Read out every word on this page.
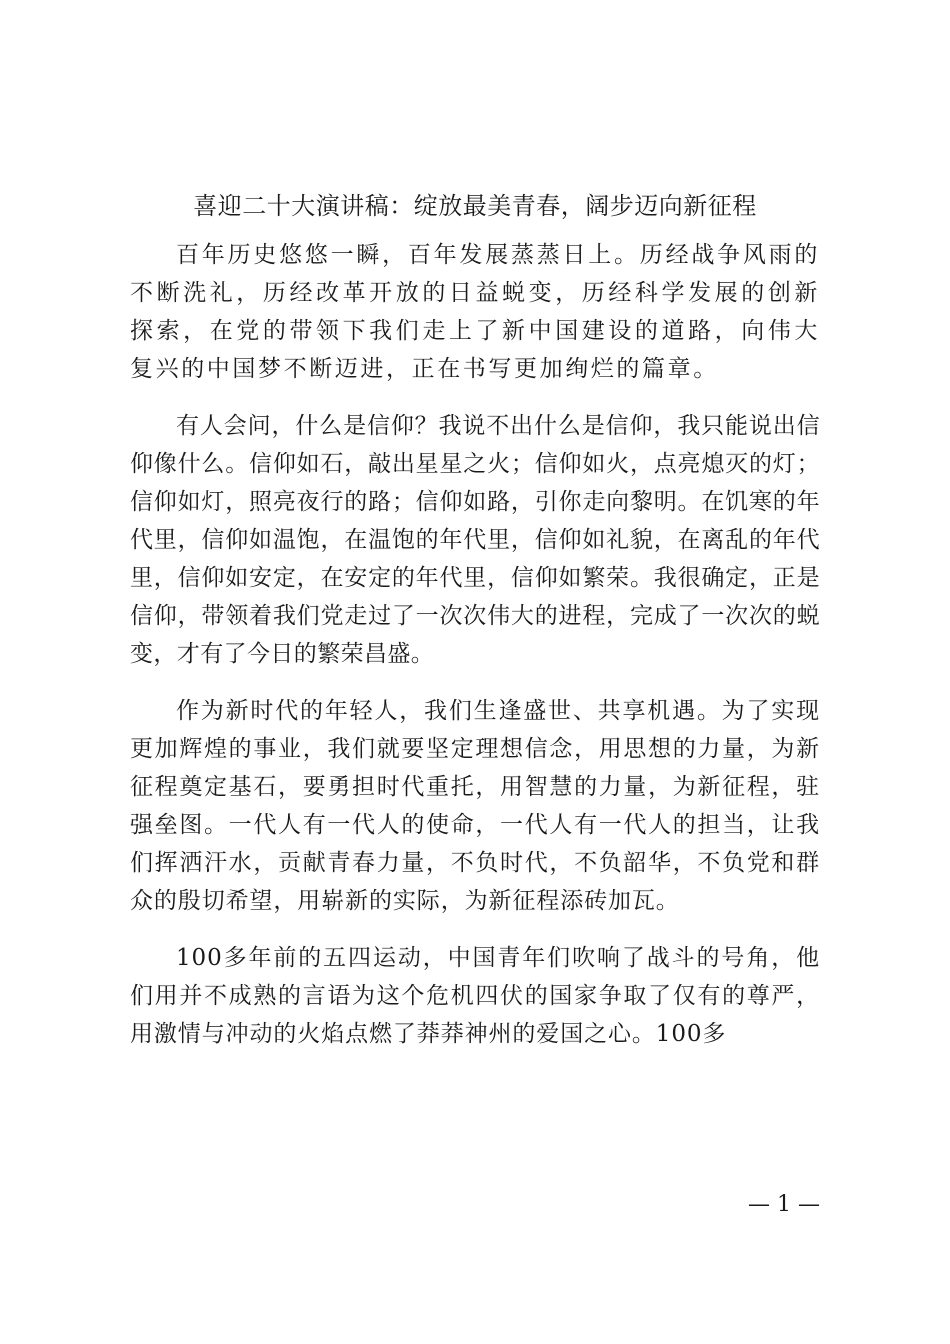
喜迎二十大演讲稿：绽放最美青春，阔步迈向新征程

百年历史悠悠一瞬，百年发展蒸蒸日上。历经战争风雨的不断洗礼，历经改革开放的日益蜕变，历经科学发展的创新探索，在党的带领下我们走上了新中国建设的道路，向伟大复兴的中国梦不断迈进，正在书写更加绚烂的篇章。

有人会问，什么是信仰？我说不出什么是信仰，我只能说出信仰像什么。信仰如石，敲出星星之火；信仰如火，点亮熄灭的灯；信仰如灯，照亮夜行的路；信仰如路，引你走向黎明。在饥寒的年代里，信仰如温饱，在温饱的年代里，信仰如礼貌，在离乱的年代里，信仰如安定，在安定的年代里，信仰如繁荣。我很确定，正是信仰，带领着我们党走过了一次次伟大的进程，完成了一次次的蜕变，才有了今日的繁荣昌盛。

作为新时代的年轻人，我们生逢盛世、共享机遇。为了实现更加辉煌的事业，我们就要坚定理想信念，用思想的力量，为新征程奠定基石，要勇担时代重托，用智慧的力量，为新征程，驻强垒图。一代人有一代人的使命，一代人有一代人的担当，让我们挥洒汗水，贡献青春力量，不负时代，不负韶华，不负党和群众的殷切希望，用崭新的实际，为新征程添砖加瓦。

100多年前的五四运动，中国青年们吹响了战斗的号角，他们用并不成熟的言语为这个危机四伏的国家争取了仅有的尊严，用激情与冲动的火焰点燃了莽莽神州的爱国之心。100多

— 1 —
